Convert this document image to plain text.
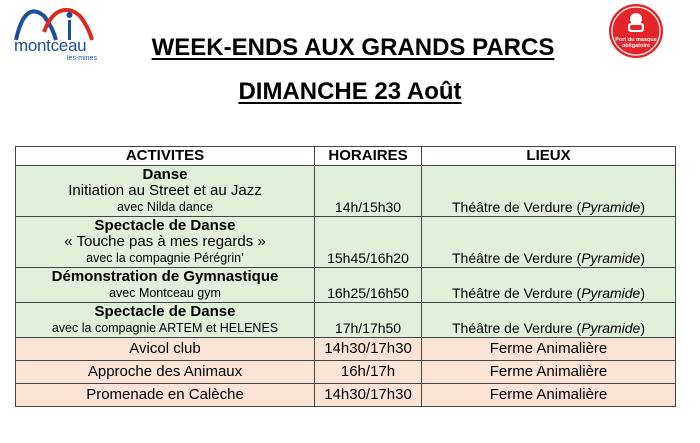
montceau
les-mines
Port du masque obligatoire
WEEK-ENDS AUX GRANDS PARCS
DIMANCHE 23 Août
ACTIVITES	HORAIRES	LIEUX

Danse
Initiation au Street et au Jazz
avec Nilda dance	14h/15h30	Théâtre de Verdure (Pyramide)

Spectacle de Danse
« Touche pas à mes regards »
avec la compagnie Pérégrin’	15h45/16h20	Théâtre de Verdure (Pyramide)

Démonstration de Gymnastique
avec Montceau gym	16h25/16h50	Théâtre de Verdure (Pyramide)

Spectacle de Danse
avec la compagnie ARTEM et HELENES	17h/17h50	Théâtre de Verdure (Pyramide)
Avicol club	14h30/17h30	Ferme Animalière
Approche des Animaux	16h/17h	Ferme Animalière
Promenade en Calèche	14h30/17h30	Ferme Animalière
